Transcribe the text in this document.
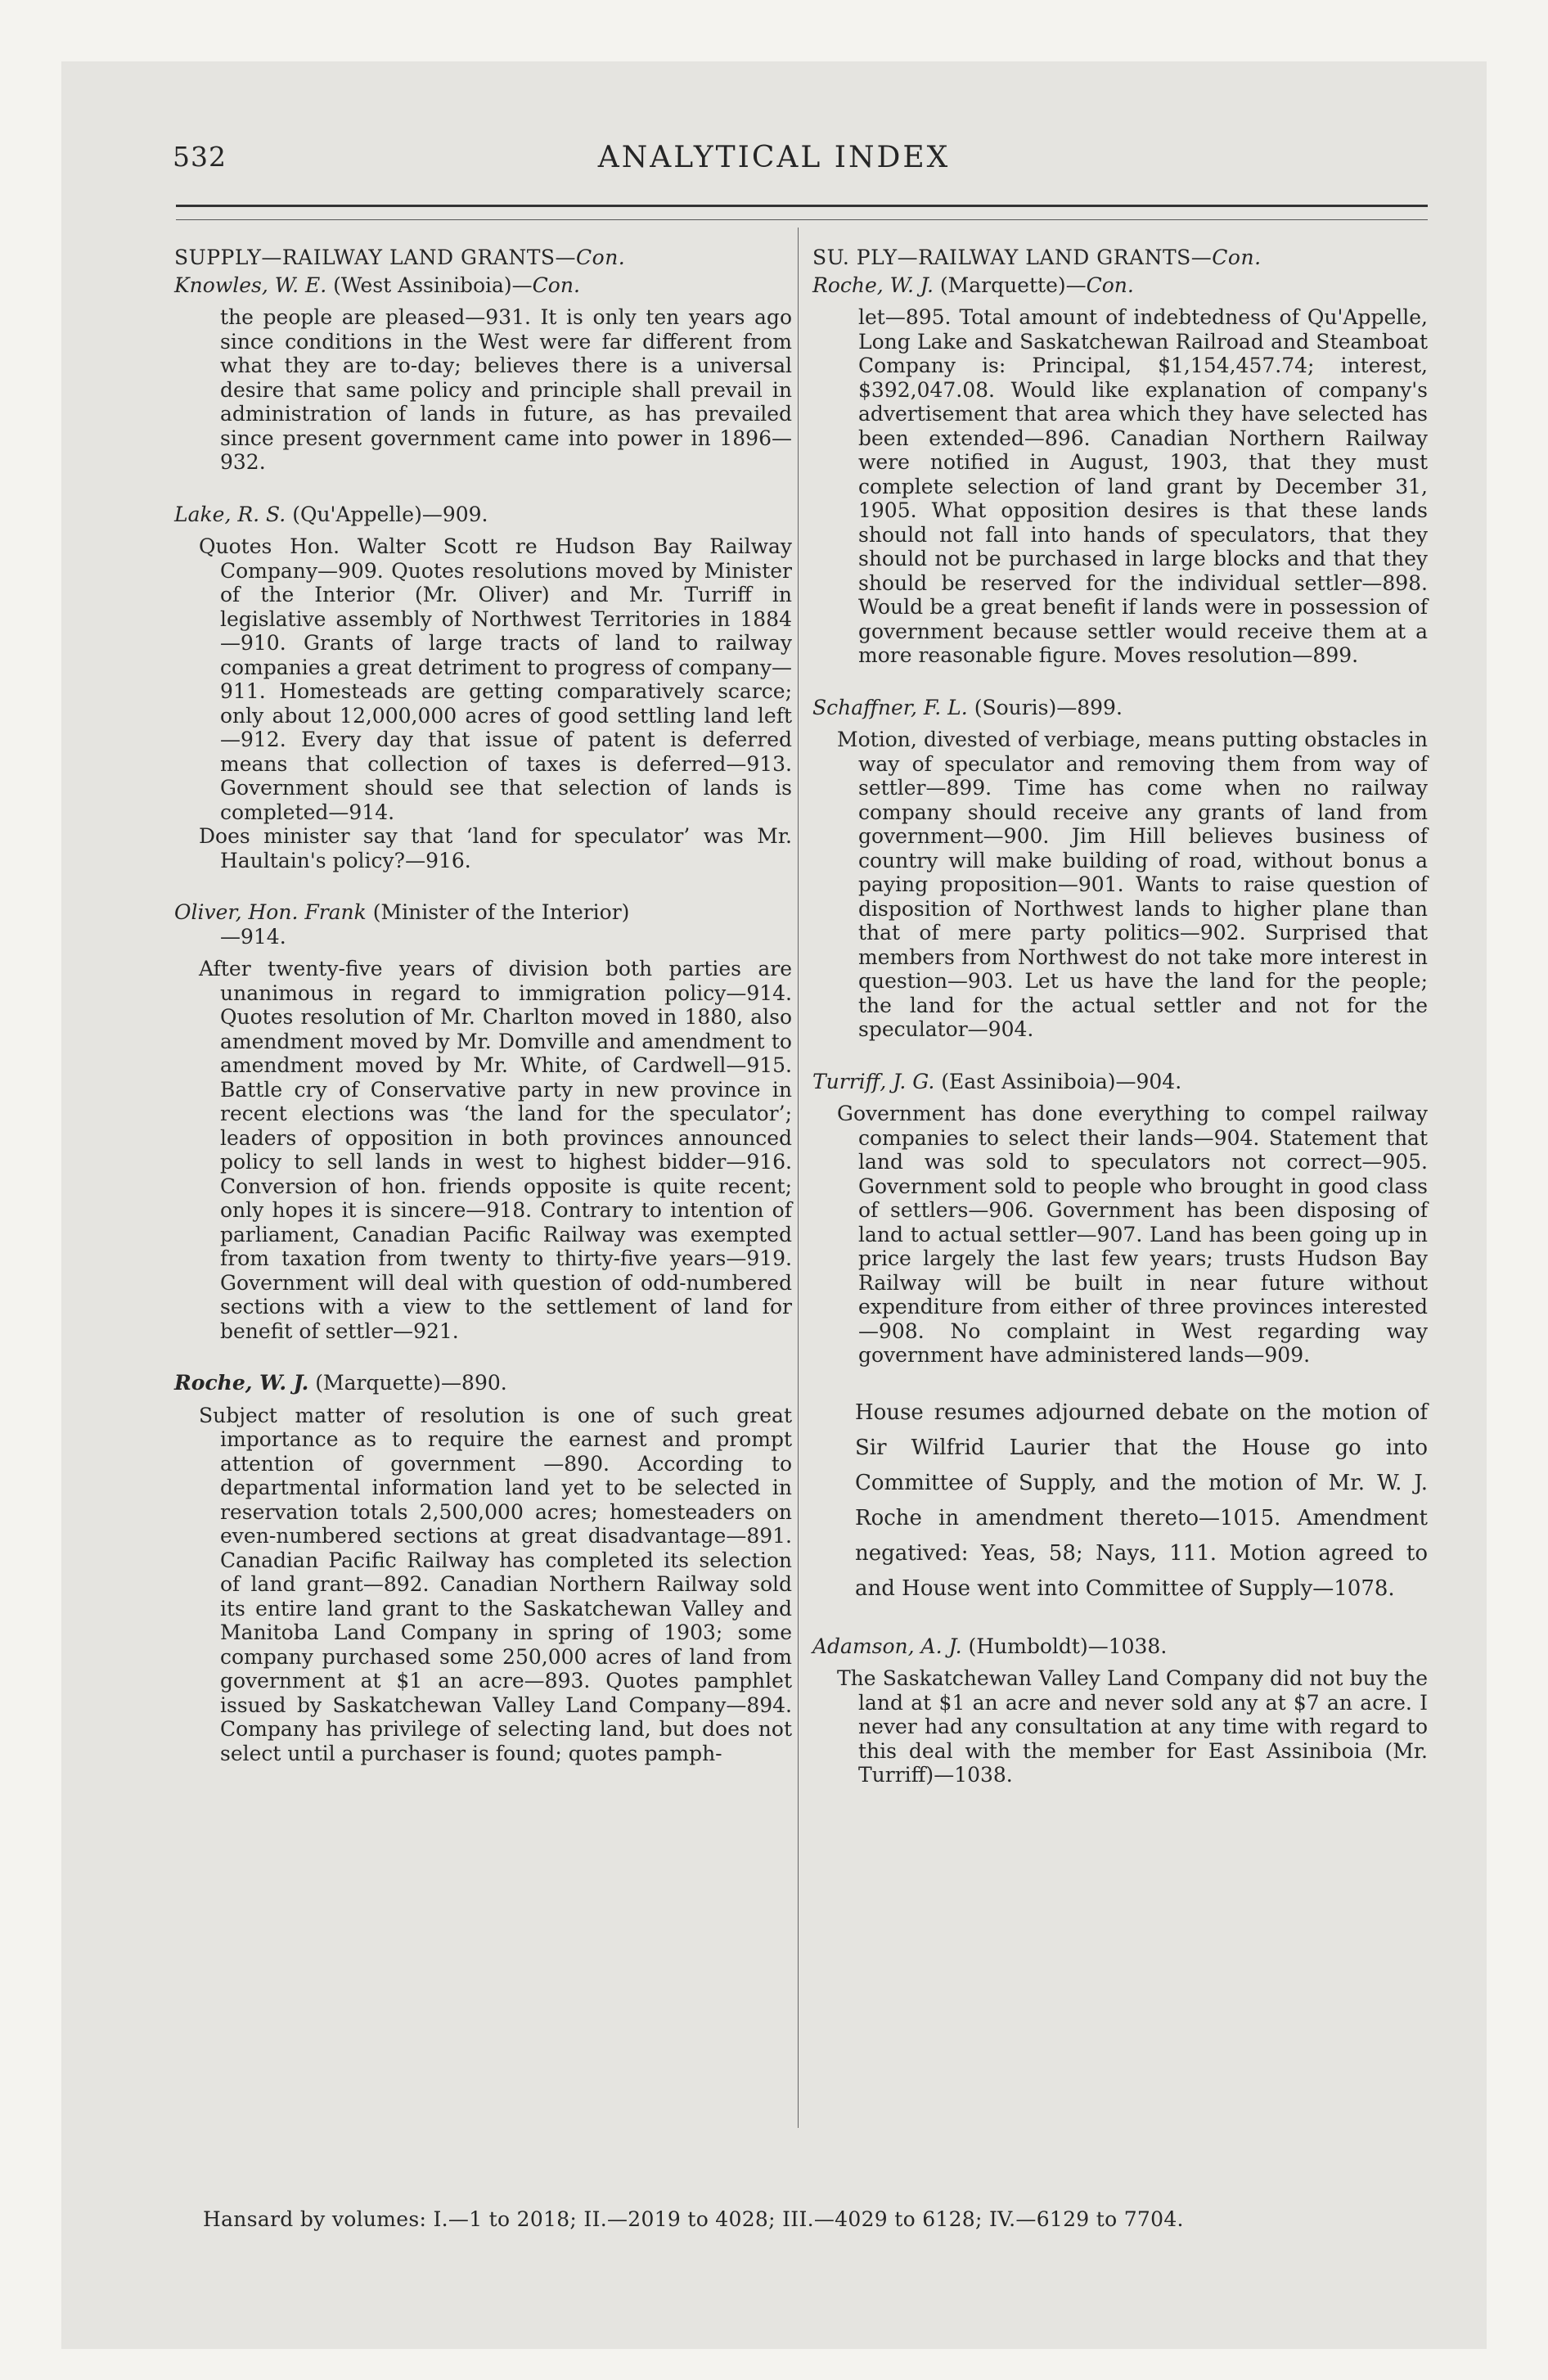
532	ANALYTICAL INDEX
SUPPLY—RAILWAY LAND GRANTS—Con.
Knowles, W. E. (West Assiniboia)—Con.
the people are pleased—931. It is only ten years ago since conditions in the West were far different from what they are to-day; believes there is a universal desire that same policy and principle shall prevail in administration of lands in future, as has prevailed since present government came into power in 1896—932.
Lake, R. S. (Qu'Appelle)—909.
Quotes Hon. Walter Scott re Hudson Bay Railway Company—909. Quotes resolutions moved by Minister of the Interior (Mr. Oliver) and Mr. Turriff in legislative assembly of Northwest Territories in 1884—910. Grants of large tracts of land to railway companies a great detriment to progress of company—911. Homesteads are getting comparatively scarce; only about 12,000,000 acres of good settling land left—912. Every day that issue of patent is deferred means that collection of taxes is deferred—913. Government should see that selection of lands is completed—914.
Does minister say that ‘land for speculator’ was Mr. Haultain's policy?—916.
Oliver, Hon. Frank (Minister of the Interior)
—914.
After twenty-five years of division both parties are unanimous in regard to immigration policy—914. Quotes resolution of Mr. Charlton moved in 1880, also amendment moved by Mr. Domville and amendment to amendment moved by Mr. White, of Cardwell—915. Battle cry of Conservative party in new province in recent elections was ‘the land for the speculator’; leaders of opposition in both provinces announced policy to sell lands in west to highest bidder—916. Conversion of hon. friends opposite is quite recent; only hopes it is sincere—918. Contrary to intention of parliament, Canadian Pacific Railway was exempted from taxation from twenty to thirty-five years—919. Government will deal with question of odd-numbered sections with a view to the settlement of land for benefit of settler—921.
Roche, W. J. (Marquette)—890.
Subject matter of resolution is one of such great importance as to require the earnest and prompt attention of government —890. According to departmental information land yet to be selected in reservation totals 2,500,000 acres; homesteaders on even-numbered sections at great disadvantage—891. Canadian Pacific Railway has completed its selection of land grant—892. Canadian Northern Railway sold its entire land grant to the Saskatchewan Valley and Manitoba Land Company in spring of 1903; some company purchased some 250,000 acres of land from government at $1 an acre—893. Quotes pamphlet issued by Saskatchewan Valley Land Company—894. Company has privilege of selecting land, but does not select until a purchaser is found; quotes pamph-
SU. PLY—RAILWAY LAND GRANTS—Con.
Roche, W. J. (Marquette)—Con.
let—895. Total amount of indebtedness of Qu'Appelle, Long Lake and Saskatchewan Railroad and Steamboat Company is: Principal, $1,154,457.74; interest, $392,047.08. Would like explanation of company's advertisement that area which they have selected has been extended—896. Canadian Northern Railway were notified in August, 1903, that they must complete selection of land grant by December 31, 1905. What opposition desires is that these lands should not fall into hands of speculators, that they should not be purchased in large blocks and that they should be reserved for the individual settler—898. Would be a great benefit if lands were in possession of government because settler would receive them at a more reasonable figure. Moves resolution—899.
Schaffner, F. L. (Souris)—899.
Motion, divested of verbiage, means putting obstacles in way of speculator and removing them from way of settler—899. Time has come when no railway company should receive any grants of land from government—900. Jim Hill believes business of country will make building of road, without bonus a paying proposition—901. Wants to raise question of disposition of Northwest lands to higher plane than that of mere party politics—902. Surprised that members from Northwest do not take more interest in question—903. Let us have the land for the people; the land for the actual settler and not for the speculator—904.
Turriff, J. G. (East Assiniboia)—904.
Government has done everything to compel railway companies to select their lands—904. Statement that land was sold to speculators not correct—905. Government sold to people who brought in good class of settlers—906. Government has been disposing of land to actual settler—907. Land has been going up in price largely the last few years; trusts Hudson Bay Railway will be built in near future without expenditure from either of three provinces interested—908. No complaint in West regarding way government have administered lands—909.
House resumes adjourned debate on the motion of Sir Wilfrid Laurier that the House go into Committee of Supply, and the motion of Mr. W. J. Roche in amendment thereto—1015. Amendment negatived: Yeas, 58; Nays, 111. Motion agreed to and House went into Committee of Supply—1078.
Adamson, A. J. (Humboldt)—1038.
The Saskatchewan Valley Land Company did not buy the land at $1 an acre and never sold any at $7 an acre. I never had any consultation at any time with regard to this deal with the member for East Assiniboia (Mr. Turriff)—1038.
Hansard by volumes: I.—1 to 2018; II.—2019 to 4028; III.—4029 to 6128; IV.—6129 to 7704.
